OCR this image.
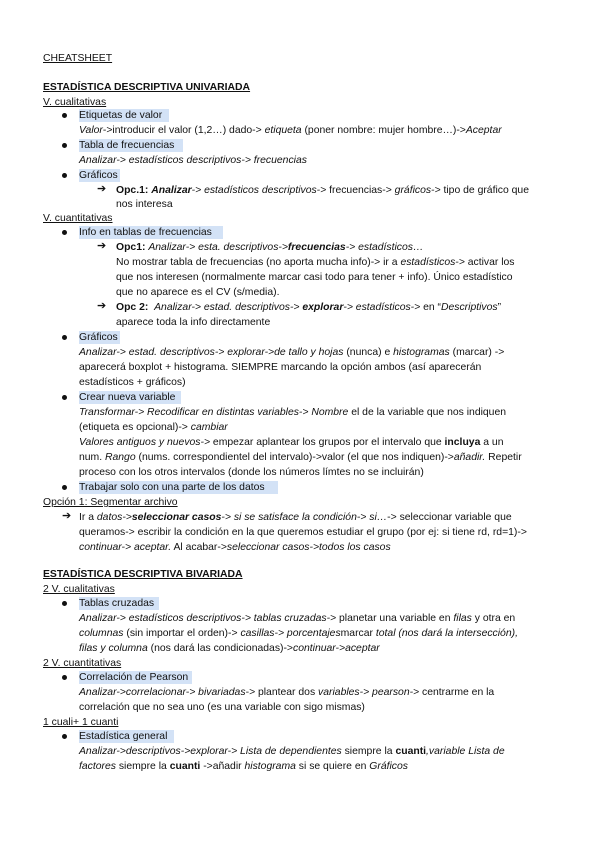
CHEATSHEET
ESTADÍSTICA DESCRIPTIVA UNIVARIADA
V. cualitativas
Etiquetas de valor
Valor->introducir el valor (1,2…) dado-> etiqueta (poner nombre: mujer hombre…)->Aceptar
Tabla de frecuencias
Analizar-> estadísticos descriptivos-> frecuencias
Gráficos
➔ Opc.1: Analizar-> estadísticos descriptivos-> frecuencias-> gráficos-> tipo de gráfico que
nos interesa
V. cuantitativas
Info en tablas de frecuencias
➔ Opc1: Analizar-> esta. descriptivos->frecuencias-> estadísticos…
No mostrar tabla de frecuencias (no aporta mucha info)-> ir a estadísticos-> activar los
que nos interesen (normalmente marcar casi todo para tener + info). Único estadístico
que no aparece es el CV (s/media).
➔ Opc 2: Analizar-> estad. descriptivos-> explorar-> estadísticos-> en “Descriptivos”
aparece toda la info directamente
Gráficos
Analizar-> estad. descriptivos-> explorar->de tallo y hojas (nunca) e histogramas (marcar) ->
aparecerá boxplot + histograma. SIEMPRE marcando la opción ambos (así aparecerán
estadísticos + gráficos)
Crear nueva variable
Transformar-> Recodificar en distintas variables-> Nombre el de la variable que nos indiquen
(etiqueta es opcional)-> cambiar
Valores antiguos y nuevos-> empezar aplantear los grupos por el intervalo que incluya a un
num. Rango (nums. correspondientel del intervalo)->valor (el que nos indiquen)->añadir. Repetir
proceso con los otros intervalos (donde los números límtes no se incluirán)
Trabajar solo con una parte de los datos
Opción 1: Segmentar archivo
➔ Ir a datos->seleccionar casos-> si se satisface la condición-> si…-> seleccionar variable que
queramos-> escribir la condición en la que queremos estudiar el grupo (por ej: si tiene rd, rd=1)->
continuar-> aceptar. Al acabar->seleccionar casos->todos los casos
ESTADÍSTICA DESCRIPTIVA BIVARIADA
2 V. cualitativas
Tablas cruzadas
Analizar-> estadísticos descriptivos-> tablas cruzadas-> planetar una variable en filas y otra en
columnas (sin importar el orden)-> casillas-> porcentajesmarcar total (nos dará la intersección),
filas y columna (nos dará las condicionadas)->continuar->aceptar
2 V. cuantitativas
Correlación de Pearson
Analizar->correlacionar-> bivariadas-> plantear dos variables-> pearson-> centrarme en la
correlación que no sea uno (es una variable con sigo mismas)
1 cuali+ 1 cuanti
Estadística general
Analizar->descriptivos->explorar-> Lista de dependientes siempre la cuanti,variable Lista de
factores siempre la cuanti ->añadir histograma si se quiere en Gráficos
